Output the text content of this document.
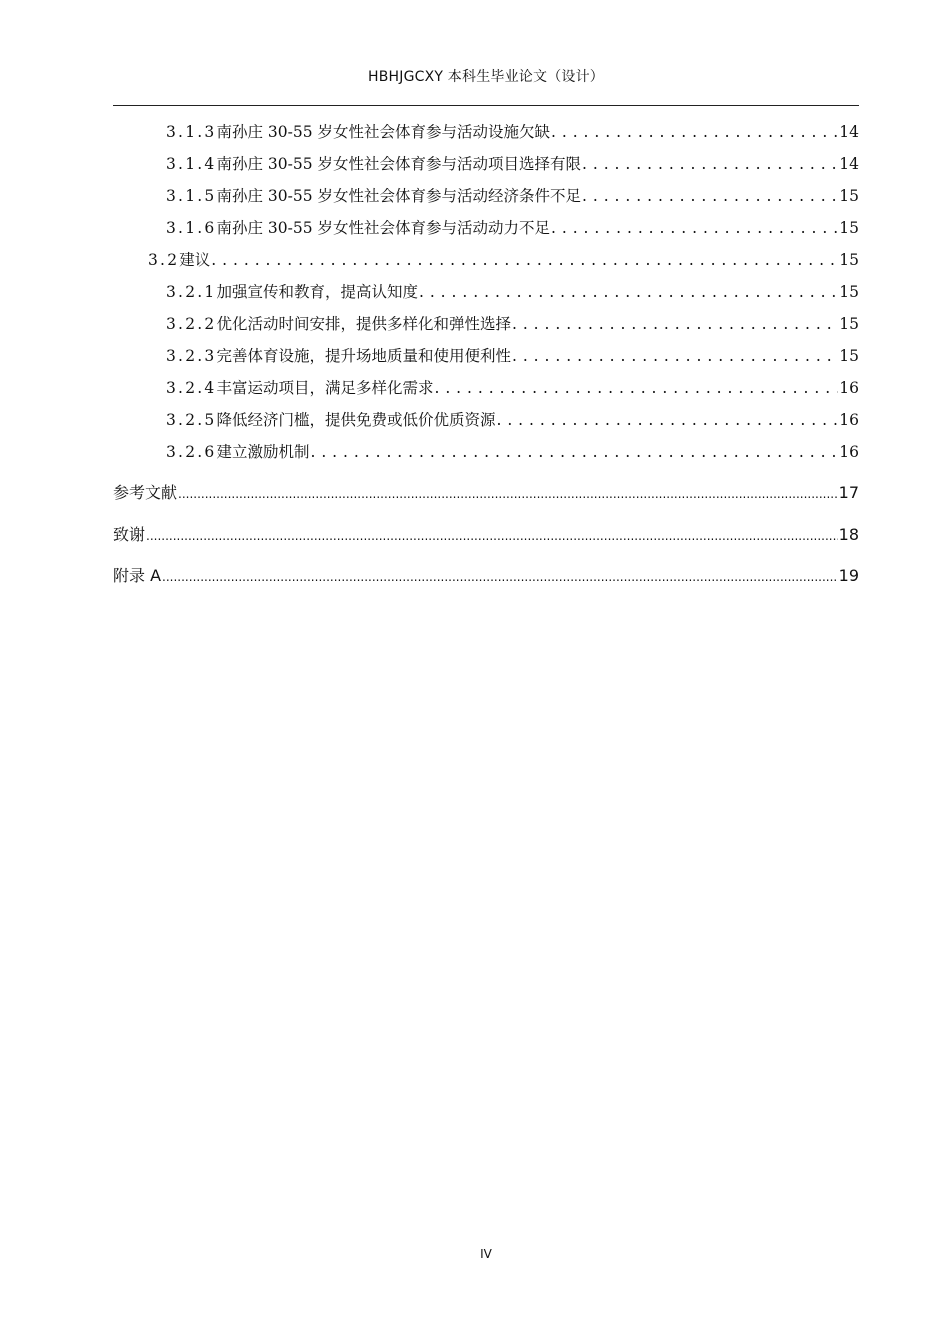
HBHJGCXY 本科生毕业论文（设计）
3.1.3 南孙庄 30-55 岁女性社会体育参与活动设施欠缺 . . .	14
3.1.4 南孙庄 30-55 岁女性社会体育参与活动项目选择有限 . . .	14
3.1.5 南孙庄 30-55 岁女性社会体育参与活动经济条件不足 . . .	15
3.1.6 南孙庄 30-55 岁女性社会体育参与活动动力不足 . . .	15
3.2 建议 . . .	15
3.2.1 加强宣传和教育，提高认知度 . . .	15
3.2.2 优化活动时间安排，提供多样化和弹性选择 . . .	15
3.2.3 完善体育设施，提升场地质量和使用便利性 . . .	15
3.2.4 丰富运动项目，满足多样化需求 . . .	16
3.2.5 降低经济门槛，提供免费或低价优质资源 . . .	16
3.2.6 建立激励机制 . . .	16
参考文献 .....	17
致谢 .....	18
附录 A .....	19
IV
